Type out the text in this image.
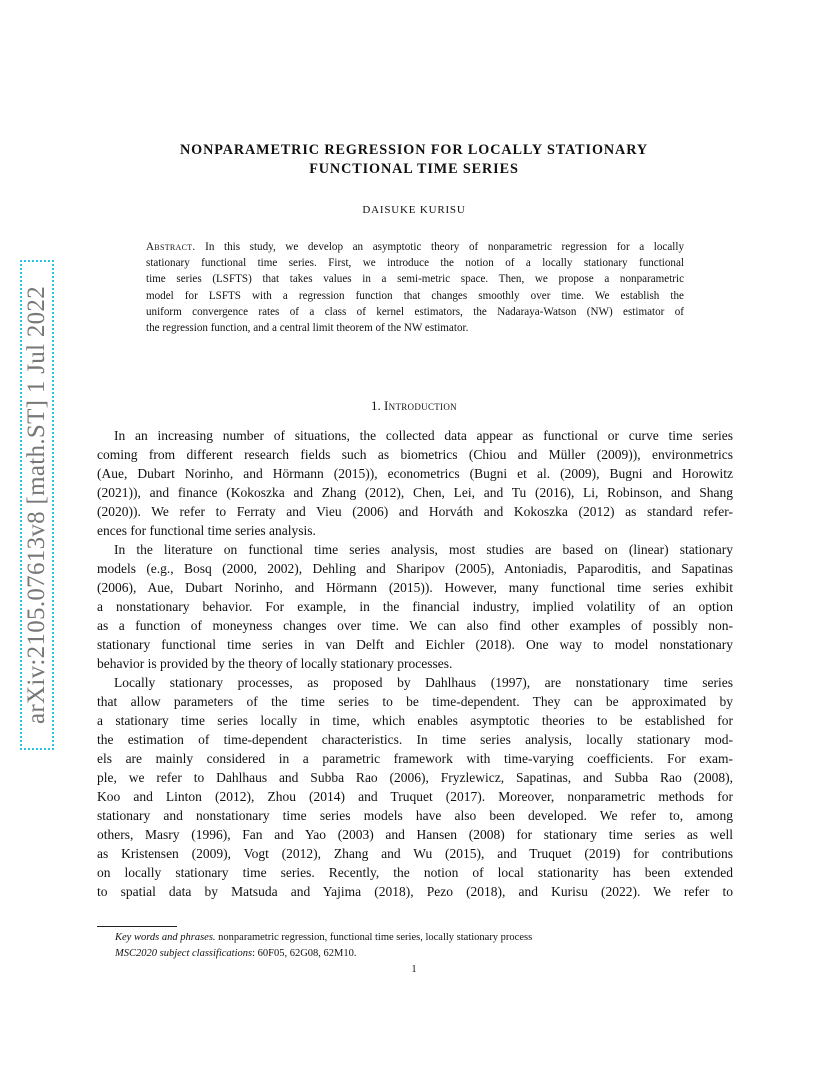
arXiv:2105.07613v8 [math.ST] 1 Jul 2022
NONPARAMETRIC REGRESSION FOR LOCALLY STATIONARY
FUNCTIONAL TIME SERIES
DAISUKE KURISU
Abstract. In this study, we develop an asymptotic theory of nonparametric regression for a locally
stationary functional time series. First, we introduce the notion of a locally stationary functional
time series (LSFTS) that takes values in a semi-metric space. Then, we propose a nonparametric
model for LSFTS with a regression function that changes smoothly over time. We establish the
uniform convergence rates of a class of kernel estimators, the Nadaraya-Watson (NW) estimator of
the regression function, and a central limit theorem of the NW estimator.
1. Introduction
In an increasing number of situations, the collected data appear as functional or curve time series
coming from different research fields such as biometrics (Chiou and Müller (2009)), environmetrics
(Aue, Dubart Norinho, and Hörmann (2015)), econometrics (Bugni et al. (2009), Bugni and Horowitz
(2021)), and finance (Kokoszka and Zhang (2012), Chen, Lei, and Tu (2016), Li, Robinson, and Shang
(2020)). We refer to Ferraty and Vieu (2006) and Horváth and Kokoszka (2012) as standard refer-
ences for functional time series analysis.
In the literature on functional time series analysis, most studies are based on (linear) stationary
models (e.g., Bosq (2000, 2002), Dehling and Sharipov (2005), Antoniadis, Paparoditis, and Sapatinas
(2006), Aue, Dubart Norinho, and Hörmann (2015)). However, many functional time series exhibit
a nonstationary behavior. For example, in the financial industry, implied volatility of an option
as a function of moneyness changes over time. We can also find other examples of possibly non-
stationary functional time series in van Delft and Eichler (2018). One way to model nonstationary
behavior is provided by the theory of locally stationary processes.
Locally stationary processes, as proposed by Dahlhaus (1997), are nonstationary time series
that allow parameters of the time series to be time-dependent. They can be approximated by
a stationary time series locally in time, which enables asymptotic theories to be established for
the estimation of time-dependent characteristics. In time series analysis, locally stationary mod-
els are mainly considered in a parametric framework with time-varying coefficients. For exam-
ple, we refer to Dahlhaus and Subba Rao (2006), Fryzlewicz, Sapatinas, and Subba Rao (2008),
Koo and Linton (2012), Zhou (2014) and Truquet (2017). Moreover, nonparametric methods for
stationary and nonstationary time series models have also been developed. We refer to, among
others, Masry (1996), Fan and Yao (2003) and Hansen (2008) for stationary time series as well
as Kristensen (2009), Vogt (2012), Zhang and Wu (2015), and Truquet (2019) for contributions
on locally stationary time series. Recently, the notion of local stationarity has been extended
to spatial data by Matsuda and Yajima (2018), Pezo (2018), and Kurisu (2022). We refer to
Key words and phrases. nonparametric regression, functional time series, locally stationary process
MSC2020 subject classifications: 60F05, 62G08, 62M10.
1
